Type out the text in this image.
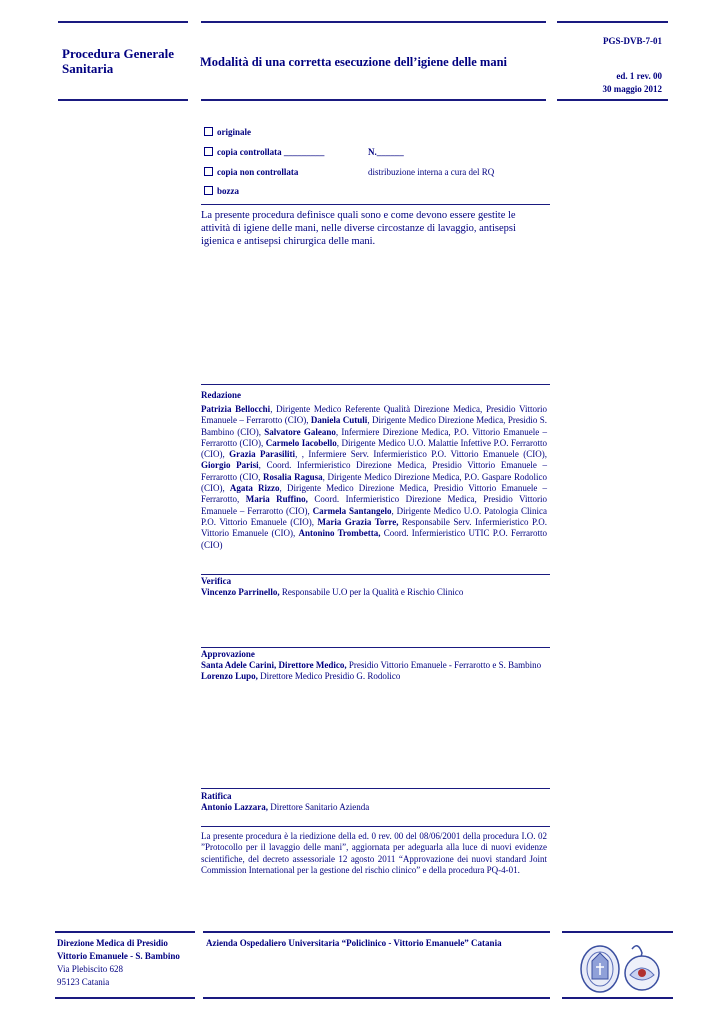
Procedura Generale Sanitaria	Modalità di una corretta esecuzione dell’igiene delle mani
PGS-DVB-7-01
ed. 1 rev. 00
30 maggio 2012
originale
copia controllata _________	N.______
copia non controllata	distribuzione interna a cura del RQ
bozza
La presente procedura definisce quali sono e come devono essere gestite le attività di igiene delle mani, nelle diverse circostanze di lavaggio, antisepsi igienica e antisepsi chirurgica delle mani.
Redazione
Patrizia Bellocchi, Dirigente Medico Referente Qualità Direzione Medica, Presidio Vittorio Emanuele – Ferrarotto (CIO), Daniela Cutuli, Dirigente Medico Direzione Medica, Presidio S. Bambino (CIO), Salvatore Galeano, Infermiere Direzione Medica, P.O. Vittorio Emanuele – Ferrarotto (CIO), Carmelo Iacobello, Dirigente Medico U.O. Malattie Infettive P.O. Ferrarotto (CIO), Grazia Parasiliti, , Infermiere Serv. Infermieristico P.O. Vittorio Emanuele (CIO), Giorgio Parisi, Coord. Infermieristico Direzione Medica, Presidio Vittorio Emanuele – Ferrarotto (CIO, Rosalia Ragusa, Dirigente Medico Direzione Medica, P.O. Gaspare Rodolico (CIO), Agata Rizzo, Dirigente Medico Direzione Medica, Presidio Vittorio Emanuele – Ferrarotto, Maria Ruffino, Coord. Infermieristico Direzione Medica, Presidio Vittorio Emanuele – Ferrarotto (CIO), Carmela Santangelo, Dirigente Medico U.O. Patologia Clinica P.O. Vittorio Emanuele (CIO), Maria Grazia Torre, Responsabile Serv. Infermieristico P.O. Vittorio Emanuele (CIO), Antonino Trombetta, Coord. Infermieristico UTIC P.O. Ferrarotto (CIO)
Verifica
Vincenzo Parrinello, Responsabile U.O per la Qualità e Rischio Clinico
Approvazione
Santa Adele Carini, Direttore Medico, Presidio Vittorio Emanuele - Ferrarotto e S. Bambino
Lorenzo Lupo, Direttore Medico Presidio G. Rodolico
Ratifica
Antonio Lazzara, Direttore Sanitario Azienda
La presente procedura è la riedizione della ed. 0 rev. 00 del 08/06/2001 della procedura I.O. 02 ”Protocollo per il lavaggio delle mani”, aggiornata per adeguarla alla luce di nuovi evidenze scientifiche, del decreto assessoriale 12 agosto 2011 “Approvazione dei nuovi standard Joint Commission International per la gestione del rischio clinico” e della procedura PQ-4-01.
Direzione Medica di Presidio
Vittorio Emanuele - S. Bambino
Via Plebiscito 628
95123 Catania
Azienda Ospedaliero Universitaria “Policlinico - Vittorio Emanuele” Catania
